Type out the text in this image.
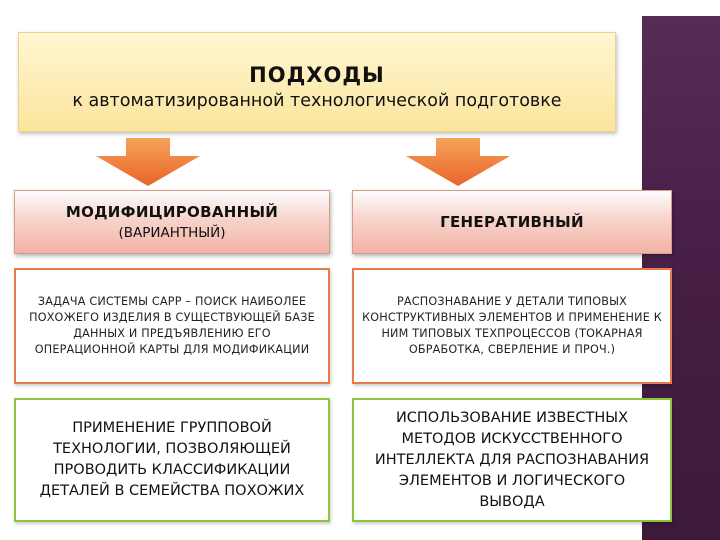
ПОДХОДЫ
к автоматизированной технологической подготовке
МОДИФИЦИРОВАННЫЙ
(ВАРИАНТНЫЙ)
ГЕНЕРАТИВНЫЙ
ЗАДАЧА СИСТЕМЫ САРР – ПОИСК НАИБОЛЕЕ ПОХОЖЕГО ИЗДЕЛИЯ В СУЩЕСТВУЮЩЕЙ БАЗЕ ДАННЫХ И ПРЕДЪЯВЛЕНИЮ ЕГО ОПЕРАЦИОННОЙ КАРТЫ ДЛЯ МОДИФИКАЦИИ
РАСПОЗНАВАНИЕ У ДЕТАЛИ ТИПОВЫХ КОНСТРУКТИВНЫХ ЭЛЕМЕНТОВ И ПРИМЕНЕНИЕ К НИМ ТИПОВЫХ ТЕХПРОЦЕССОВ (ТОКАРНАЯ ОБРАБОТКА, СВЕРЛЕНИЕ И ПРОЧ.)
ПРИМЕНЕНИЕ ГРУППОВОЙ ТЕХНОЛОГИИ, ПОЗВОЛЯЮЩЕЙ ПРОВОДИТЬ КЛАССИФИКАЦИИ ДЕТАЛЕЙ В СЕМЕЙСТВА ПОХОЖИХ
ИСПОЛЬЗОВАНИЕ ИЗВЕСТНЫХ МЕТОДОВ ИСКУССТВЕННОГО ИНТЕЛЛЕКТА ДЛЯ РАСПОЗНАВАНИЯ ЭЛЕМЕНТОВ И ЛОГИЧЕСКОГО ВЫВОДА
